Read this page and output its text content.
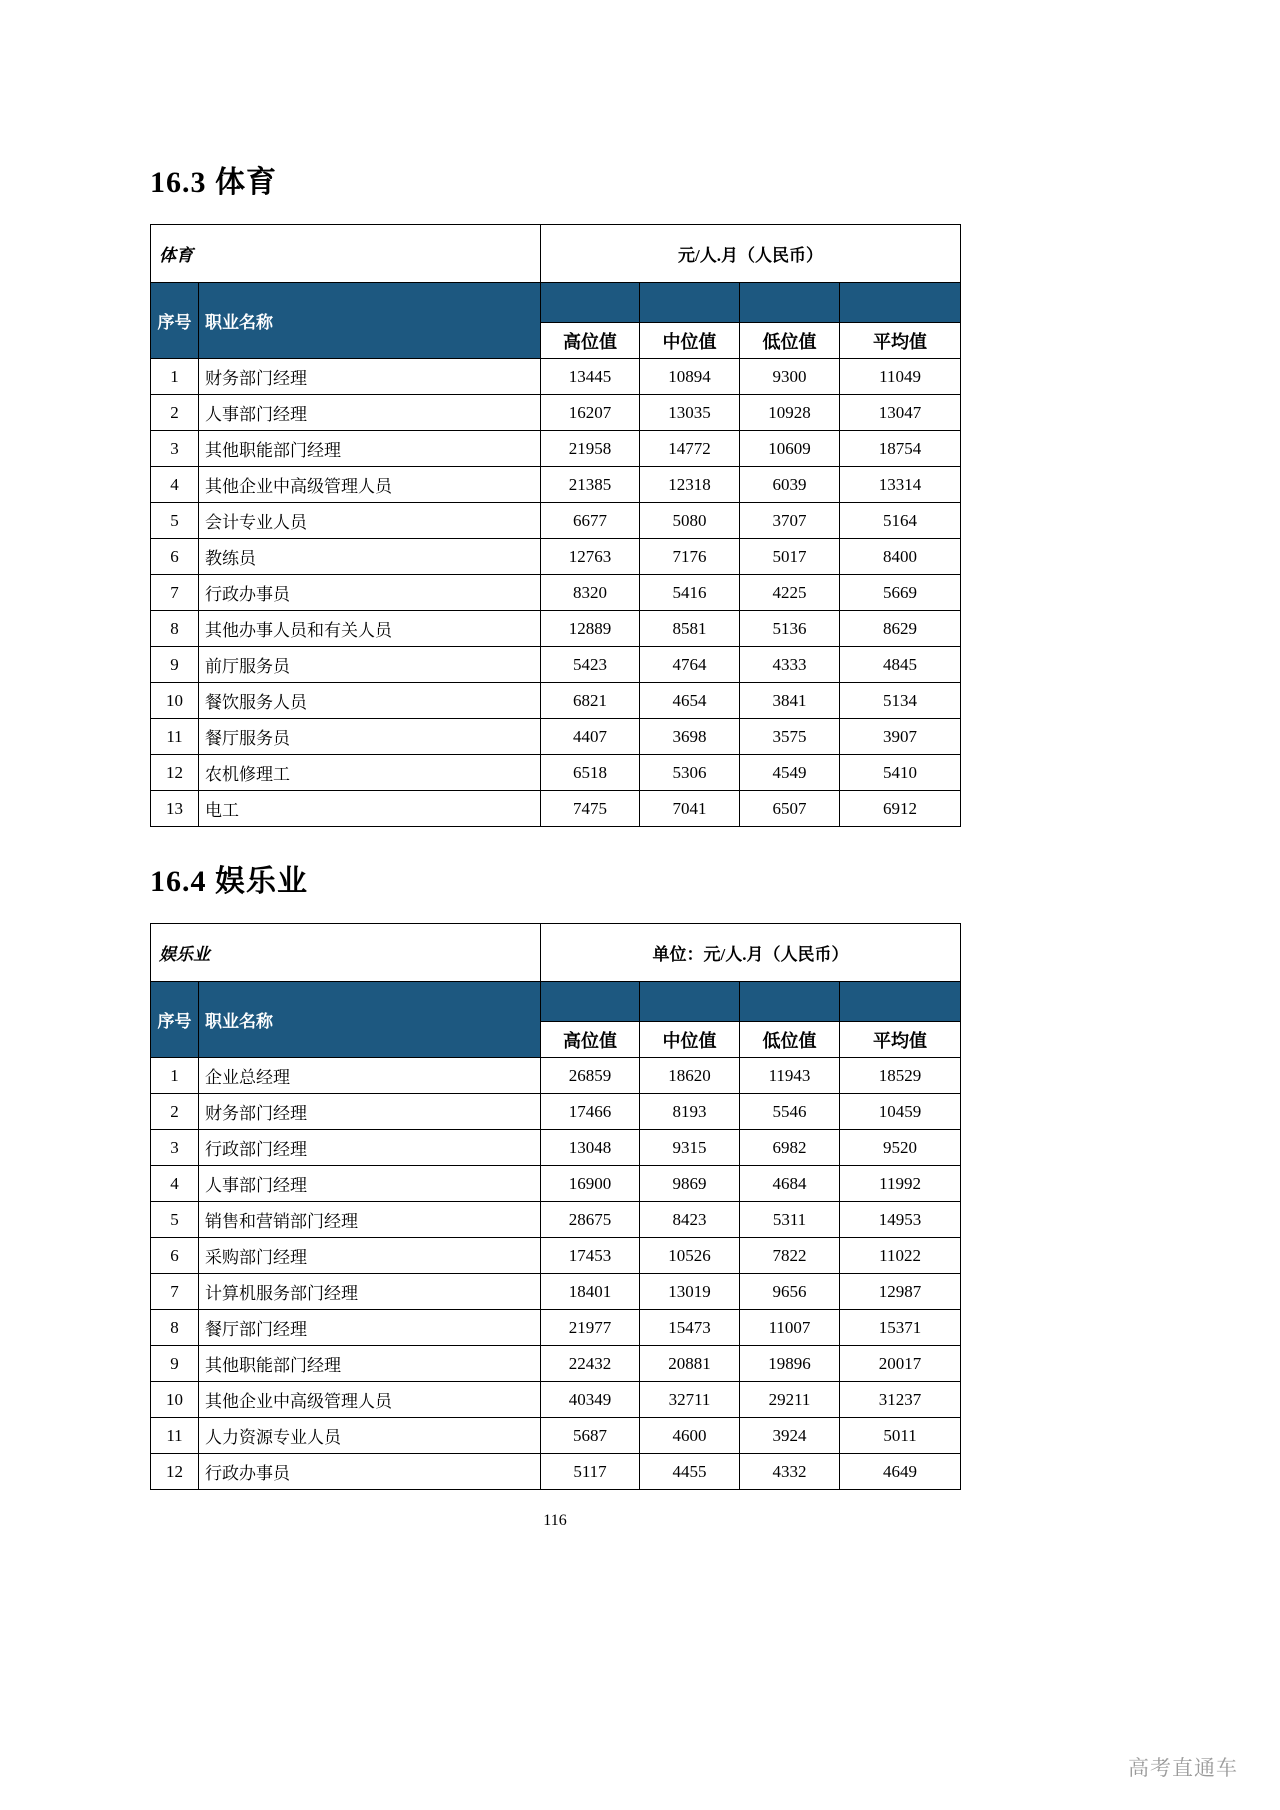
16.3 体育
体育		元/人.月（人民币）			
序号	职业名称				
		高位值	中位值	低位值	平均值
1	财务部门经理	13445	10894	9300	11049
2	人事部门经理	16207	13035	10928	13047
3	其他职能部门经理	21958	14772	10609	18754
4	其他企业中高级管理人员	21385	12318	6039	13314
5	会计专业人员	6677	5080	3707	5164
6	教练员	12763	7176	5017	8400
7	行政办事员	8320	5416	4225	5669
8	其他办事人员和有关人员	12889	8581	5136	8629
9	前厅服务员	5423	4764	4333	4845
10	餐饮服务人员	6821	4654	3841	5134
11	餐厅服务员	4407	3698	3575	3907
12	农机修理工	6518	5306	4549	5410
13	电工	7475	7041	6507	6912
16.4 娱乐业
娱乐业		单位：元/人.月（人民币）			
序号	职业名称				
		高位值	中位值	低位值	平均值
1	企业总经理	26859	18620	11943	18529
2	财务部门经理	17466	8193	5546	10459
3	行政部门经理	13048	9315	6982	9520
4	人事部门经理	16900	9869	4684	11992
5	销售和营销部门经理	28675	8423	5311	14953
6	采购部门经理	17453	10526	7822	11022
7	计算机服务部门经理	18401	13019	9656	12987
8	餐厅部门经理	21977	15473	11007	15371
9	其他职能部门经理	22432	20881	19896	20017
10	其他企业中高级管理人员	40349	32711	29211	31237
11	人力资源专业人员	5687	4600	3924	5011
12	行政办事员	5117	4455	4332	4649
116
高考直通车
